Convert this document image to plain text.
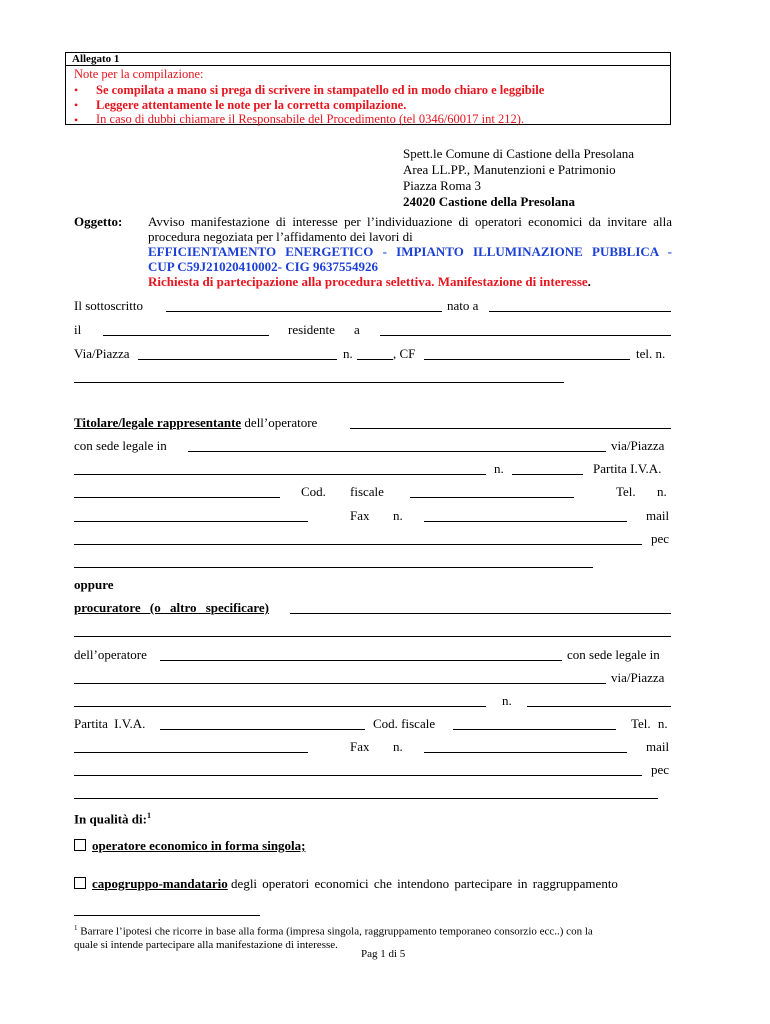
Allegato 1
Note per la compilazione:
• Se compilata a mano si prega di scrivere in stampatello ed in modo chiaro e leggibile
• Leggere attentamente le note per la corretta compilazione.
• In caso di dubbi chiamare il Responsabile del Procedimento (tel 0346/60017 int 212).
Spett.le Comune di Castione della Presolana
Area LL.PP., Manutenzioni e Patrimonio
Piazza Roma 3
24020 Castione della Presolana
Oggetto: Avviso manifestazione di interesse per l’individuazione di operatori economici da invitare alla
procedura negoziata per l’affidamento dei lavori di
EFFICIENTAMENTO ENERGETICO - IMPIANTO ILLUMINAZIONE PUBBLICA -
CUP C59J21020410002- CIG 9637554926
Richiesta di partecipazione alla procedura selettiva. Manifestazione di interesse.
Il sottoscritto	nato a
il	residente a
Via/Piazza	n.	, CF	tel. n.
Titolare/legale rappresentante dell’operatore
con sede legale in	via/Piazza
n.	Partita I.V.A.
Cod. fiscale	Tel. n.
Fax n.	mail
pec
oppure
procuratore (o altro specificare)
dell’operatore	con sede legale in
via/Piazza
n.
Partita I.V.A.	Cod. fiscale	Tel. n.
Fax n.	mail
pec
In qualità di:$^1$
operatore economico in forma singola;
capogruppo-mandatario degli operatori economici che intendono partecipare in raggruppamento
$^1$ Barrare l’ipotesi che ricorre in base alla forma (impresa singola, raggruppamento temporaneo consorzio ecc..) con la
quale si intende partecipare alla manifestazione di interesse.
Pag 1 di 5
